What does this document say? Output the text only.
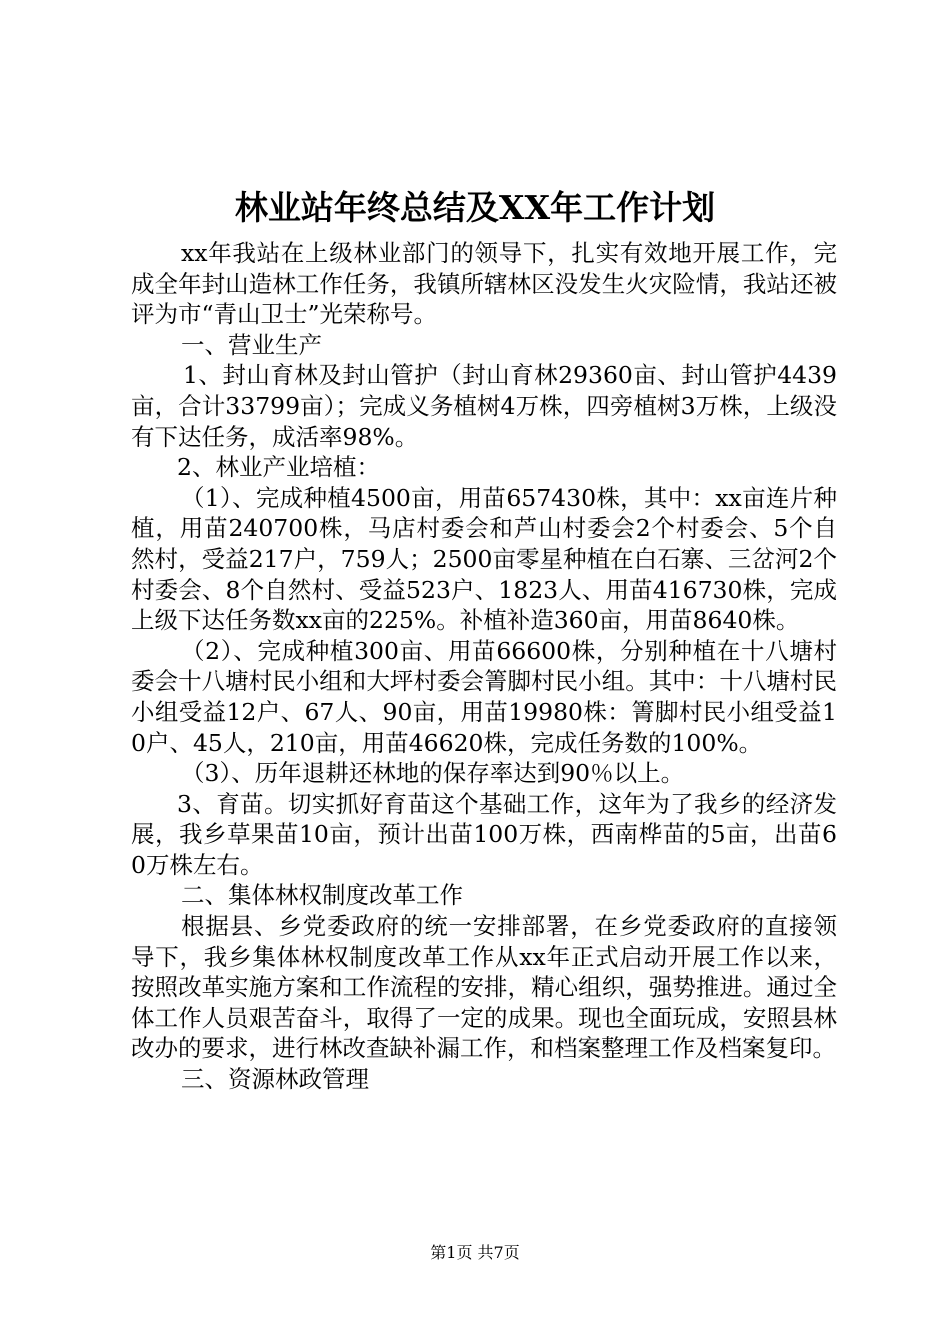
林业站年终总结及XX年工作计划

xx年我站在上级林业部门的领导下，扎实有效地开展工作，完成全年封山造林工作任务，我镇所辖林区没发生火灾险情，我站还被评为市“青山卫士”光荣称号。

一、营业生产

1、封山育林及封山管护（封山育林29360亩、封山管护4439亩，合计33799亩）；完成义务植树4万株，四旁植树3万株，上级没有下达任务，成活率98%。

2、林业产业培植：

（1）、完成种植4500亩，用苗657430株，其中：xx亩连片种植，用苗240700株，马店村委会和芦山村委会2个村委会、5个自然村，受益217户，759人；2500亩零星种植在白石寨、三岔河2个村委会、8个自然村、受益523户、1823人、用苗416730株，完成上级下达任务数xx亩的225%。补植补造360亩，用苗8640株。

（2）、完成种植300亩、用苗66600株，分别种植在十八塘村委会十八塘村民小组和大坪村委会箐脚村民小组。其中：十八塘村民小组受益12户、67人、90亩，用苗19980株：箐脚村民小组受益10户、45人，210亩，用苗46620株，完成任务数的100%。

（3）、历年退耕还林地的保存率达到90％以上。

3、育苗。切实抓好育苗这个基础工作，这年为了我乡的经济发展，我乡草果苗10亩，预计出苗100万株，西南桦苗的5亩，出苗60万株左右。

二、集体林权制度改革工作

根据县、乡党委政府的统一安排部署，在乡党委政府的直接领导下，我乡集体林权制度改革工作从xx年正式启动开展工作以来，按照改革实施方案和工作流程的安排，精心组织，强势推进。通过全体工作人员艰苦奋斗，取得了一定的成果。现也全面玩成，安照县林改办的要求，进行林改查缺补漏工作，和档案整理工作及档案复印。

三、资源林政管理

第1页 共7页
